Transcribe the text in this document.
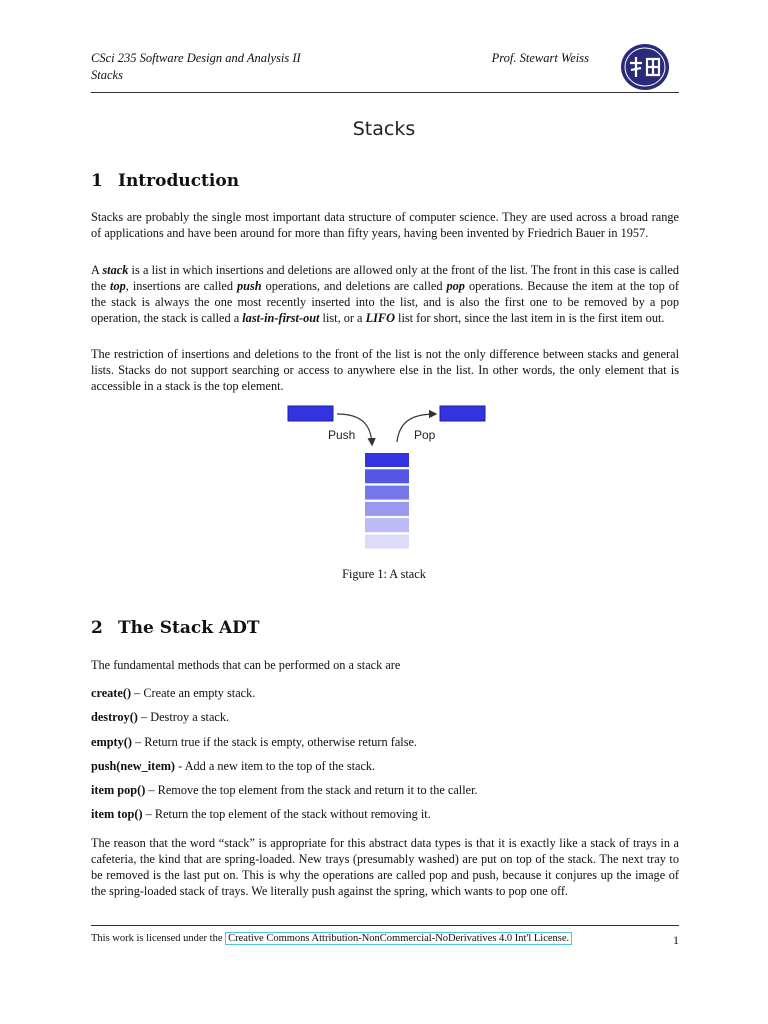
CSci 235 Software Design and Analysis II
Stacks
Prof. Stewart Weiss
Stacks
1 Introduction

Stacks are probably the single most important data structure of computer science. They are used across a broad range of applications and have been around for more than fifty years, having been invented by Friedrich Bauer in 1957.

A stack is a list in which insertions and deletions are allowed only at the front of the list. The front in this case is called the top, insertions are called push operations, and deletions are called pop operations. Because the item at the top of the stack is always the one most recently inserted into the list, and is also the first one to be removed by a pop operation, the stack is called a last-in-first-out list, or a LIFO list for short, since the last item in is the first item out.

The restriction of insertions and deletions to the front of the list is not the only difference between stacks and general lists. Stacks do not support searching or access to anywhere else in the list. In other words, the only element that is accessible in a stack is the top element.

Push	Pop
Figure 1: A stack
2 The Stack ADT

The fundamental methods that can be performed on a stack are

create() – Create an empty stack.
destroy() – Destroy a stack.
empty() – Return true if the stack is empty, otherwise return false.
push(new_item) - Add a new item to the top of the stack.
item pop() – Remove the top element from the stack and return it to the caller.
item top() – Return the top element of the stack without removing it.

The reason that the word “stack” is appropriate for this abstract data types is that it is exactly like a stack of trays in a cafeteria, the kind that are spring-loaded. New trays (presumably washed) are put on top of the stack. The next tray to be removed is the last put on. This is why the operations are called pop and push, because it conjures up the image of the spring-loaded stack of trays. We literally push against the spring, which wants to pop one off.

This work is licensed under the Creative Commons Attribution-NonCommercial-NoDerivatives 4.0 Int'l License.	1
